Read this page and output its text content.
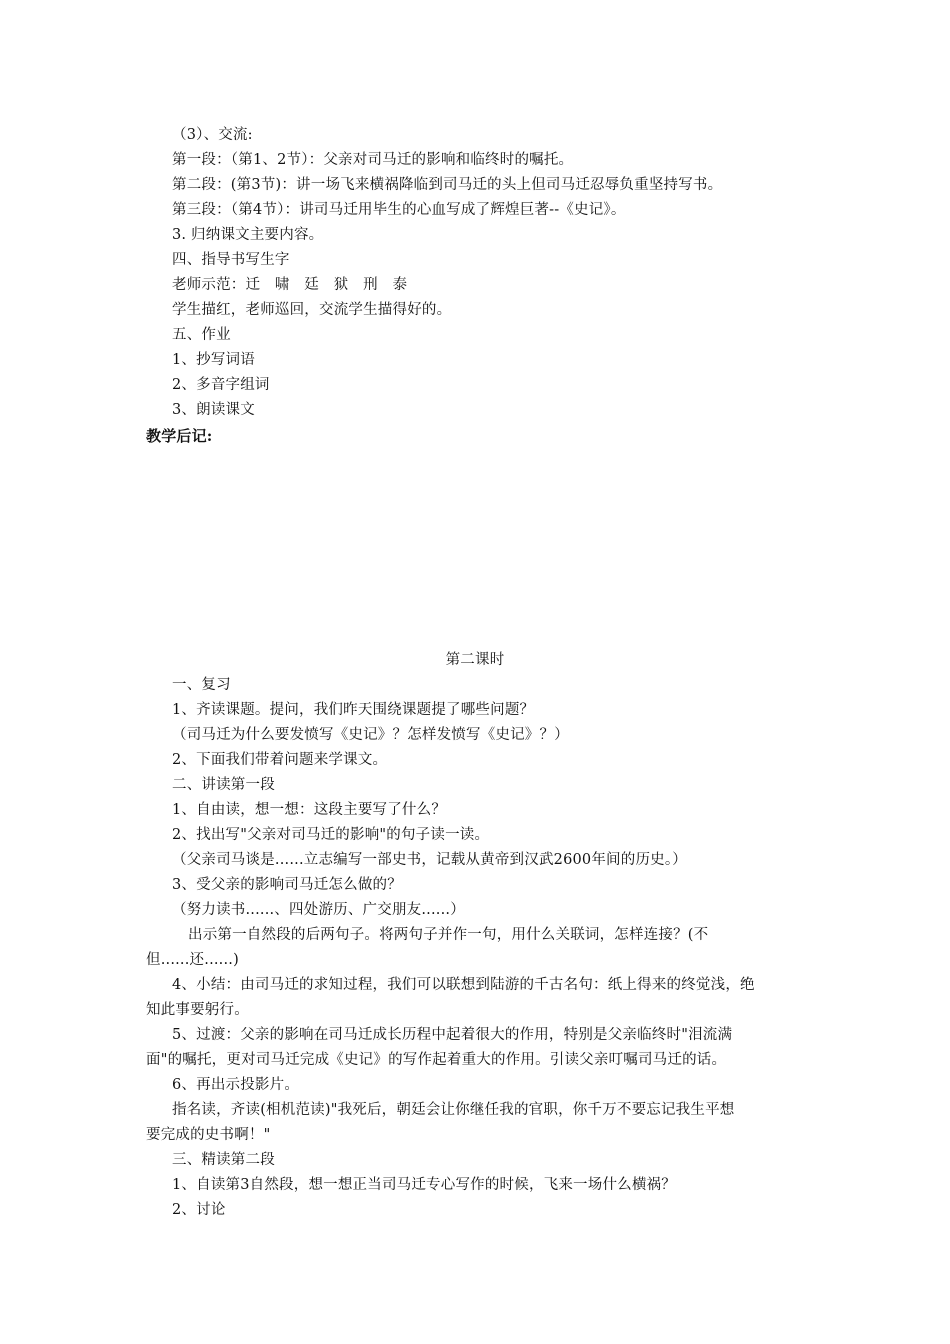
（3）、交流:
第一段：（第1、2节）：父亲对司马迁的影响和临终时的嘱托。
第二段：(第3节)：讲一场飞来横祸降临到司马迁的头上但司马迁忍辱负重坚持写书。
第三段：（第4节）：讲司马迁用毕生的心血写成了辉煌巨著--《史记》。
3. 归纳课文主要内容。
四、指导书写生字
老师示范：迁　啸　廷　狱　刑　泰
学生描红，老师巡回，交流学生描得好的。
五、作业
1、抄写词语
2、多音字组词
3、朗读课文
教学后记:
第二课时
一、复习
1、齐读课题。提问，我们昨天围绕课题提了哪些问题？
（司马迁为什么要发愤写《史记》？怎样发愤写《史记》？）
2、下面我们带着问题来学课文。
二、讲读第一段
1、自由读，想一想：这段主要写了什么？
2、找出写"父亲对司马迁的影响"的句子读一读。
（父亲司马谈是......立志编写一部史书，记载从黄帝到汉武2600年间的历史。）
3、受父亲的影响司马迁怎么做的？
（努力读书......、四处游历、广交朋友......）
出示第一自然段的后两句子。将两句子并作一句，用什么关联词，怎样连接？(不
但......还......)
4、小结：由司马迁的求知过程，我们可以联想到陆游的千古名句：纸上得来的终觉浅，绝
知此事要躬行。
5、过渡：父亲的影响在司马迁成长历程中起着很大的作用，特别是父亲临终时"泪流满
面"的嘱托，更对司马迁完成《史记》的写作起着重大的作用。引读父亲叮嘱司马迁的话。
6、再出示投影片。
指名读，齐读(相机范读)"我死后，朝廷会让你继任我的官职，你千万不要忘记我生平想
要完成的史书啊！"
三、精读第二段
1、自读第3自然段，想一想正当司马迁专心写作的时候，飞来一场什么横祸？
2、讨论
